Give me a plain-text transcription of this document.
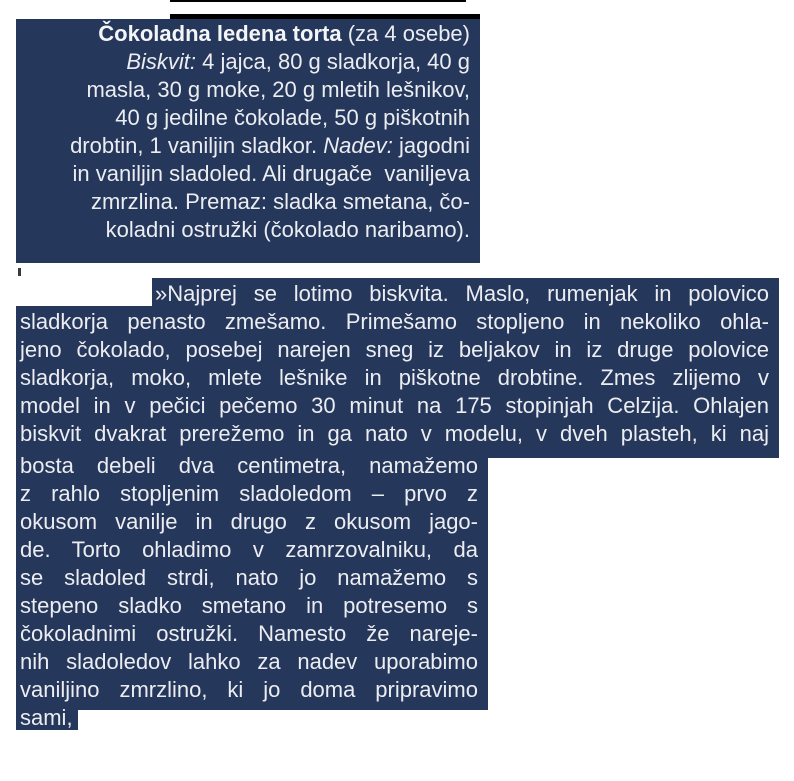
Čokoladna ledena torta (za 4 osebe)
Biskvit: 4 jajca, 80 g sladkorja, 40 g
masla, 30 g moke, 20 g mletih lešnikov,
40 g jedilne čokolade, 50 g piškotnih
drobtin, 1 vaniljin sladkor. Nadev: jagodni
in vaniljin sladoled. Ali drugače  vaniljeva
zmrzlina. Premaz: sladka smetana, čo-
koladni ostružki (čokolado naribamo).
»Najprej se lotimo biskvita. Maslo, rumenjak in polovico
sladkorja penasto zmešamo. Primešamo stopljeno in nekoliko ohla-
jeno čokolado, posebej narejen sneg iz beljakov in iz druge polovice
sladkorja, moko, mlete lešnike in piškotne drobtine. Zmes zlijemo v
model in v pečici pečemo 30 minut na 175 stopinjah Celzija. Ohlajen
biskvit dvakrat prerežemo in ga nato v modelu, v dveh plasteh, ki naj
bosta debeli dva centimetra, namažemo
z rahlo stopljenim sladoledom – prvo z
okusom vanilje in drugo z okusom jago-
de. Torto ohladimo v zamrzovalniku, da
se sladoled strdi, nato jo namažemo s
stepeno sladko smetano in potresemo s
čokoladnimi ostružki. Namesto že nareje-
nih sladoledov lahko za nadev uporabimo
vaniljino zmrzlino, ki jo doma pripravimo
sami,
